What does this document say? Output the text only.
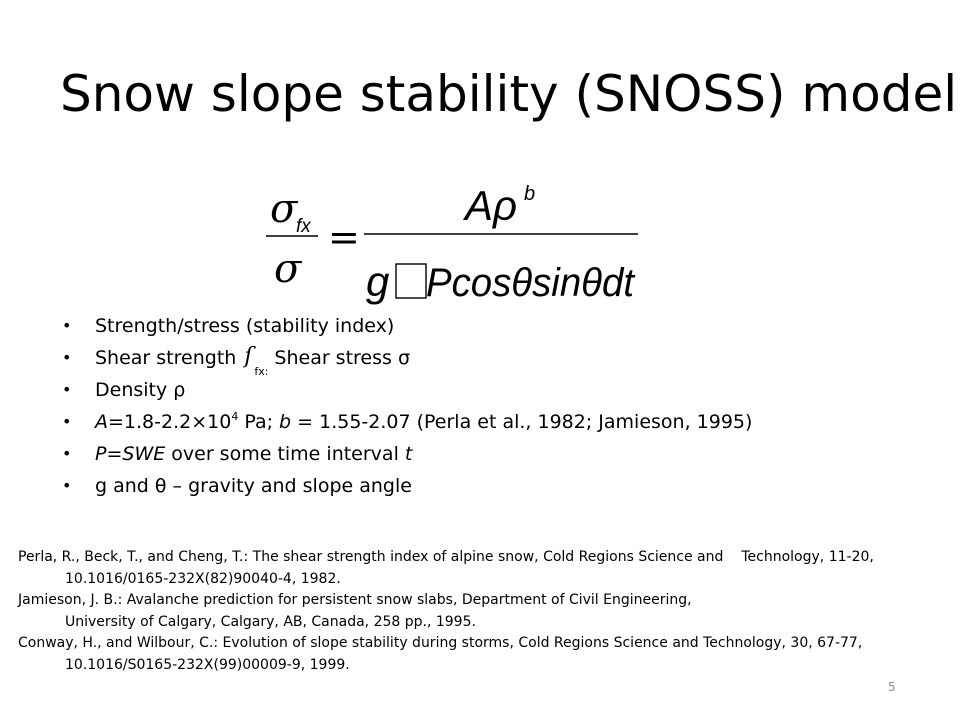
Snow slope stability (SNOSS) model
σ
fx
σ
=
Aρ b
g Pcosθsinθdt
• Strength/stress (stability index)
• Shear strength ſ
fx:
Shear stress σ
• Density ρ
• $A=1.8-2.2\times 10^4$ Pa; b = 1.55-2.07 (Perla et al., 1982; Jamieson, 1995)
• P=SWE over some time interval t
• g and θ – gravity and slope angle
Perla, R., Beck, T., and Cheng, T.: The shear strength index of alpine snow, Cold Regions Science and Technology, 11-20,
10.1016/0165-232X(82)90040-4, 1982.
Jamieson, J. B.: Avalanche prediction for persistent snow slabs, Department of Civil Engineering,
University of Calgary, Calgary, AB, Canada, 258 pp., 1995.
Conway, H., and Wilbour, C.: Evolution of slope stability during storms, Cold Regions Science and Technology, 30, 67-77,
10.1016/S0165-232X(99)00009-9, 1999.
5
